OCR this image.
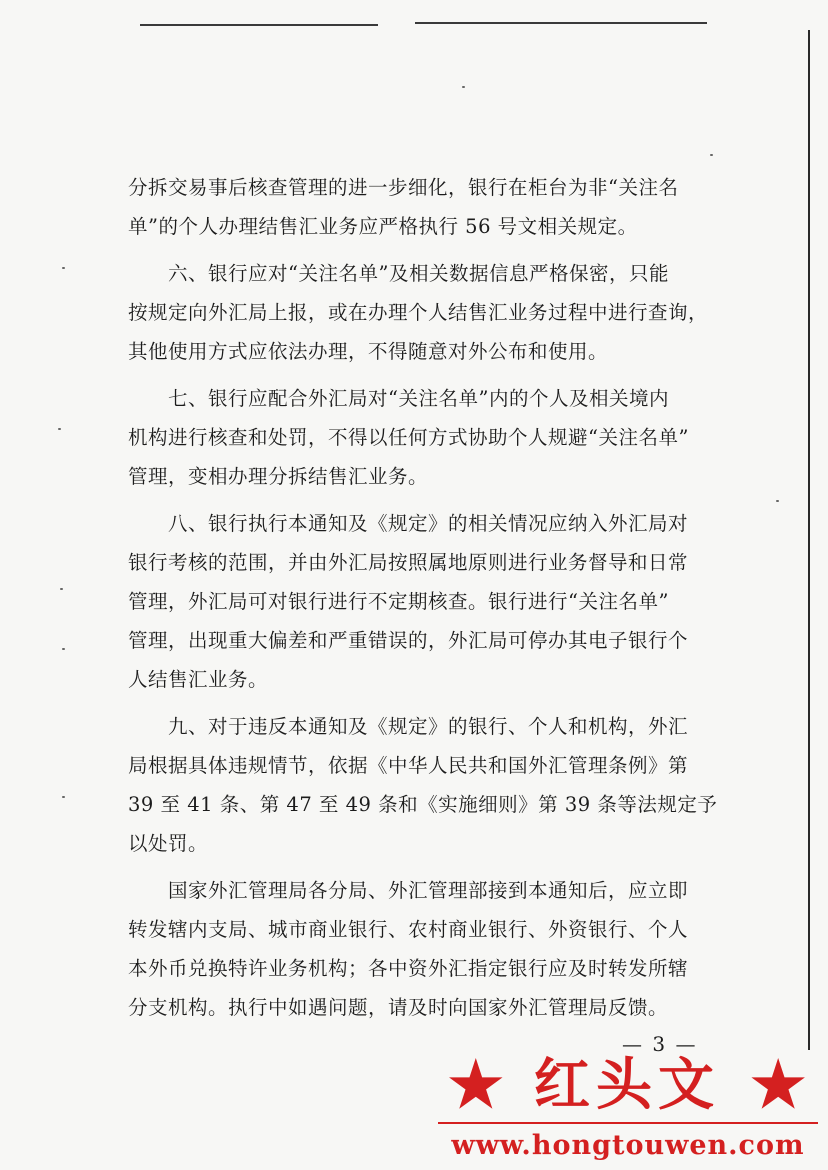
分拆交易事后核查管理的进一步细化，银行在柜台为非“关注名
单”的个人办理结售汇业务应严格执行 56 号文相关规定。
六、银行应对“关注名单”及相关数据信息严格保密，只能
按规定向外汇局上报，或在办理个人结售汇业务过程中进行查询，
其他使用方式应依法办理，不得随意对外公布和使用。
七、银行应配合外汇局对“关注名单”内的个人及相关境内
机构进行核查和处罚，不得以任何方式协助个人规避“关注名单”
管理，变相办理分拆结售汇业务。
八、银行执行本通知及《规定》的相关情况应纳入外汇局对
银行考核的范围，并由外汇局按照属地原则进行业务督导和日常
管理，外汇局可对银行进行不定期核查。银行进行“关注名单”
管理，出现重大偏差和严重错误的，外汇局可停办其电子银行个
人结售汇业务。
九、对于违反本通知及《规定》的银行、个人和机构，外汇
局根据具体违规情节，依据《中华人民共和国外汇管理条例》第
39 至 41 条、第 47 至 49 条和《实施细则》第 39 条等法规定予
以处罚。
国家外汇管理局各分局、外汇管理部接到本通知后，应立即
转发辖内支局、城市商业银行、农村商业银行、外资银行、个人
本外币兑换特许业务机构；各中资外汇指定银行应及时转发所辖
分支机构。执行中如遇问题，请及时向国家外汇管理局反馈。
— 3 —
★ 红头文 ★
www.hongtouwen.com
